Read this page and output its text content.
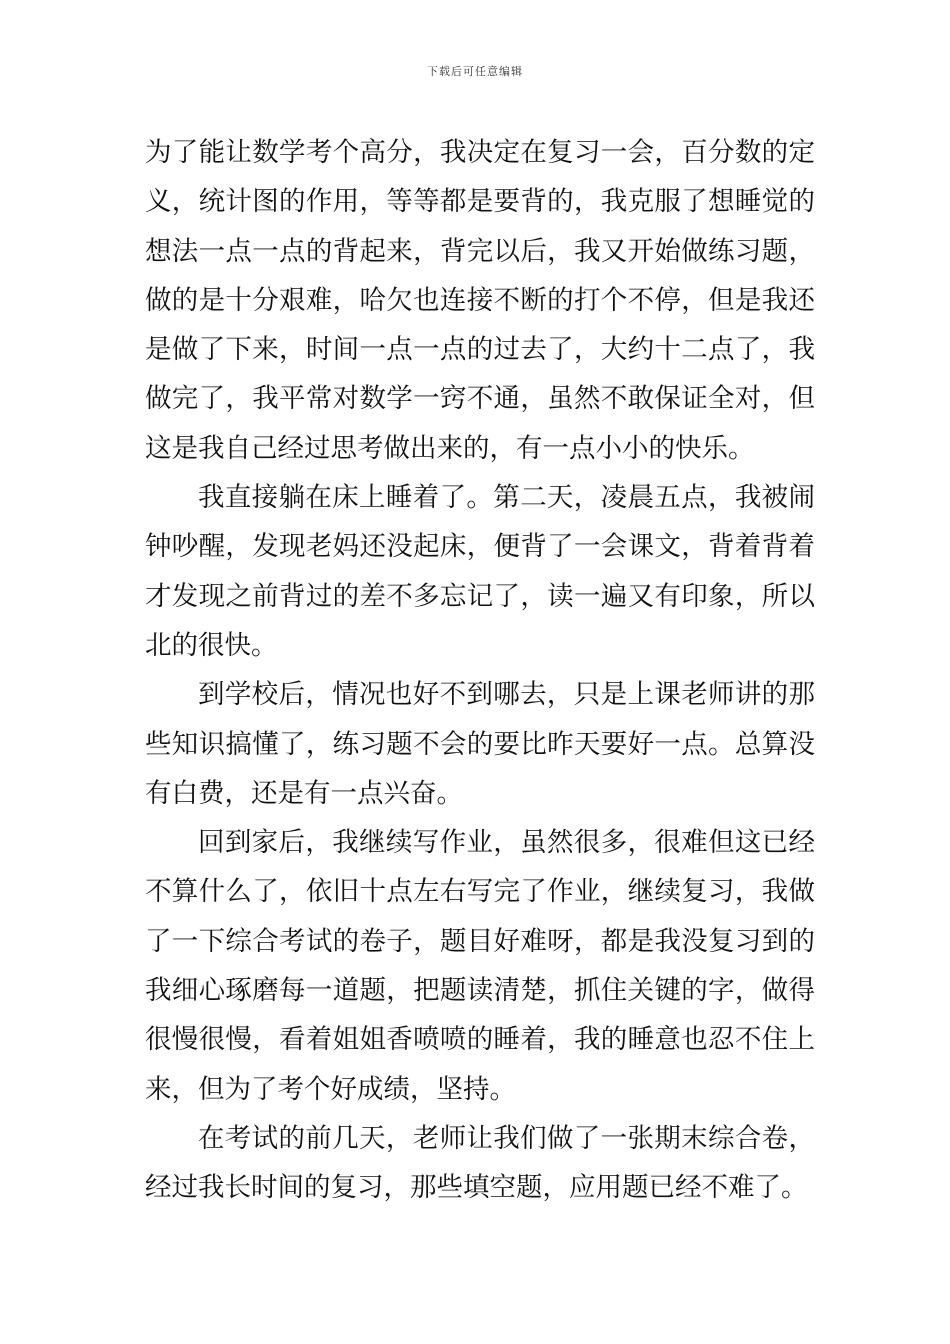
下载后可任意编辑
为了能让数学考个高分，我决定在复习一会，百分数的定
义，统计图的作用，等等都是要背的，我克服了想睡觉的
想法一点一点的背起来，背完以后，我又开始做练习题，
做的是十分艰难，哈欠也连接不断的打个不停，但是我还
是做了下来，时间一点一点的过去了，大约十二点了，我
做完了，我平常对数学一窍不通，虽然不敢保证全对，但
这是我自己经过思考做出来的，有一点小小的快乐。
我直接躺在床上睡着了。第二天，凌晨五点，我被闹
钟吵醒，发现老妈还没起床，便背了一会课文，背着背着
才发现之前背过的差不多忘记了，读一遍又有印象，所以
北的很快。
到学校后，情况也好不到哪去，只是上课老师讲的那
些知识搞懂了，练习题不会的要比昨天要好一点。总算没
有白费，还是有一点兴奋。
回到家后，我继续写作业，虽然很多，很难但这已经
不算什么了，依旧十点左右写完了作业，继续复习，我做
了一下综合考试的卷子，题目好难呀，都是我没复习到的
我细心琢磨每一道题，把题读清楚，抓住关键的字，做得
很慢很慢，看着姐姐香喷喷的睡着，我的睡意也忍不住上
来，但为了考个好成绩，坚持。
在考试的前几天，老师让我们做了一张期末综合卷，
经过我长时间的复习，那些填空题，应用题已经不难了。
